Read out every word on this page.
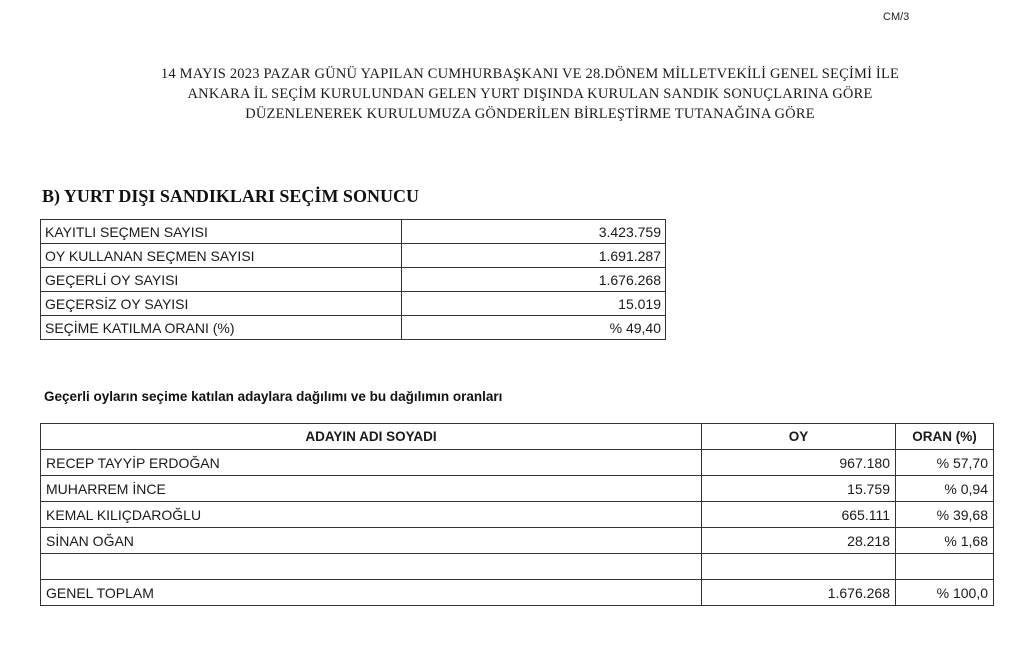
CM/3
14 MAYIS 2023 PAZAR GÜNÜ YAPILAN CUMHURBAŞKANI VE 28.DÖNEM MİLLETVEKİLİ GENEL SEÇİMİ İLE
ANKARA İL SEÇİM KURULUNDAN GELEN YURT DIŞINDA KURULAN SANDIK SONUÇLARINA GÖRE
DÜZENLENEREK KURULUMUZA GÖNDERİLEN BİRLEŞTİRME TUTANAĞINA GÖRE
B) YURT DIŞI SANDIKLARI SEÇİM SONUCU
KAYITLI SEÇMEN SAYISI	3.423.759
OY KULLANAN SEÇMEN SAYISI	1.691.287
GEÇERLİ OY SAYISI	1.676.268
GEÇERSİZ OY SAYISI	15.019
SEÇİME KATILMA ORANI (%)	% 49,40
Geçerli oyların seçime katılan adaylara dağılımı ve bu dağılımın oranları
ADAYIN ADI SOYADI	OY	ORAN (%)
RECEP TAYYİP ERDOĞAN	967.180	% 57,70
MUHARREM İNCE	15.759	% 0,94
KEMAL KILIÇDAROĞLU	665.111	% 39,68
SİNAN OĞAN	28.218	% 1,68

GENEL TOPLAM	1.676.268	% 100,0
